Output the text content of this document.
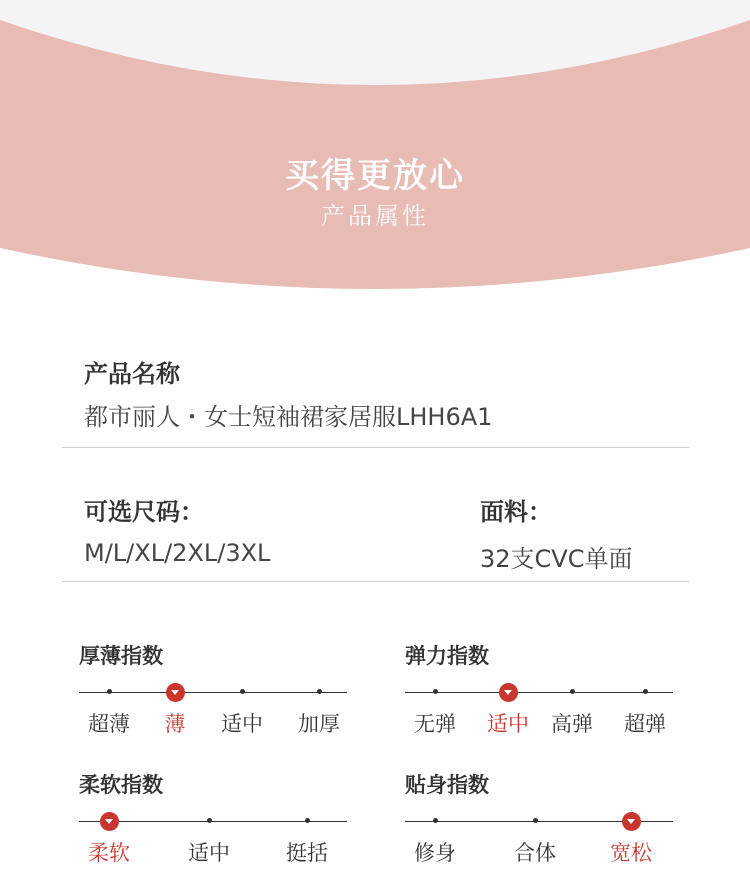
买得更放心
产品属性
产品名称
都市丽人・女士短袖裙家居服LHH6A1
可选尺码：
M/L/XL/2XL/3XL
面料：
32支CVC单面
厚薄指数
超薄 薄 适中 加厚
弹力指数
无弹 适中 高弹 超弹
柔软指数
柔软	适中	挺括
贴身指数
修身	合体	宽松
